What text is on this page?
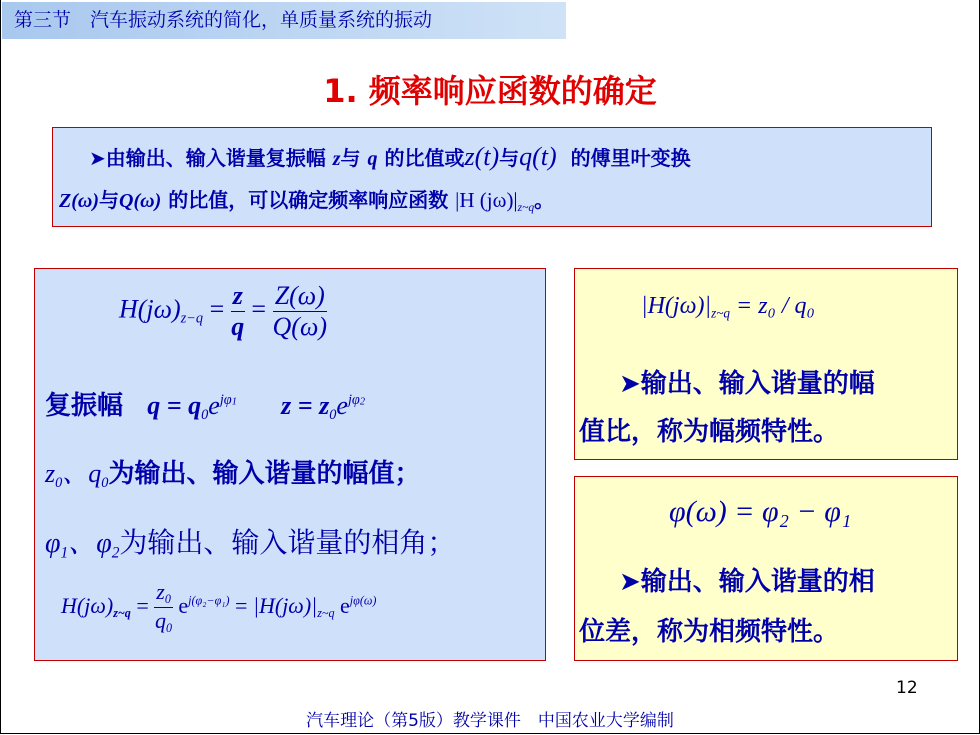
第三节　汽车振动系统的简化，单质量系统的振动
1. 频率响应函数的确定
➤由输出、输入谐量复振幅 z与 q 的比值或z(t)与q(t) 的傅里叶变换
Z(ω)与Q(ω) 的比值，可以确定频率响应函数 |H $(j\omega)|_{z\sim q}$。
$H(j\omega)_{z-q} = \frac{z}{q} = \frac{Z(\omega)}{Q(\omega)}$
复振幅 $q = q_0e^{j\varphi 1}$ $z = z_0e^{j\varphi 2}$
$z_0$、$q_0$为输出、输入谐量的幅值；
$\varphi_1$、$\varphi_2$为输出、输入谐量的相角；
$H(j\omega)_{z\sim q} = \frac{z_0}{q_0} e^{j(\varphi_2-\varphi_1)} = |H(j\omega)|_{z\sim q}$ $e^{j\varphi(\omega)}$
$|H(j\omega)|_{z\sim q} = z_0 / q_0$
➤输出、输入谐量的幅
值比，称为幅频特性。
φ(ω) = φ₂ − φ₁
➤输出、输入谐量的相
位差，称为相频特性。
12
汽车理论（第5版）教学课件　中国农业大学编制
